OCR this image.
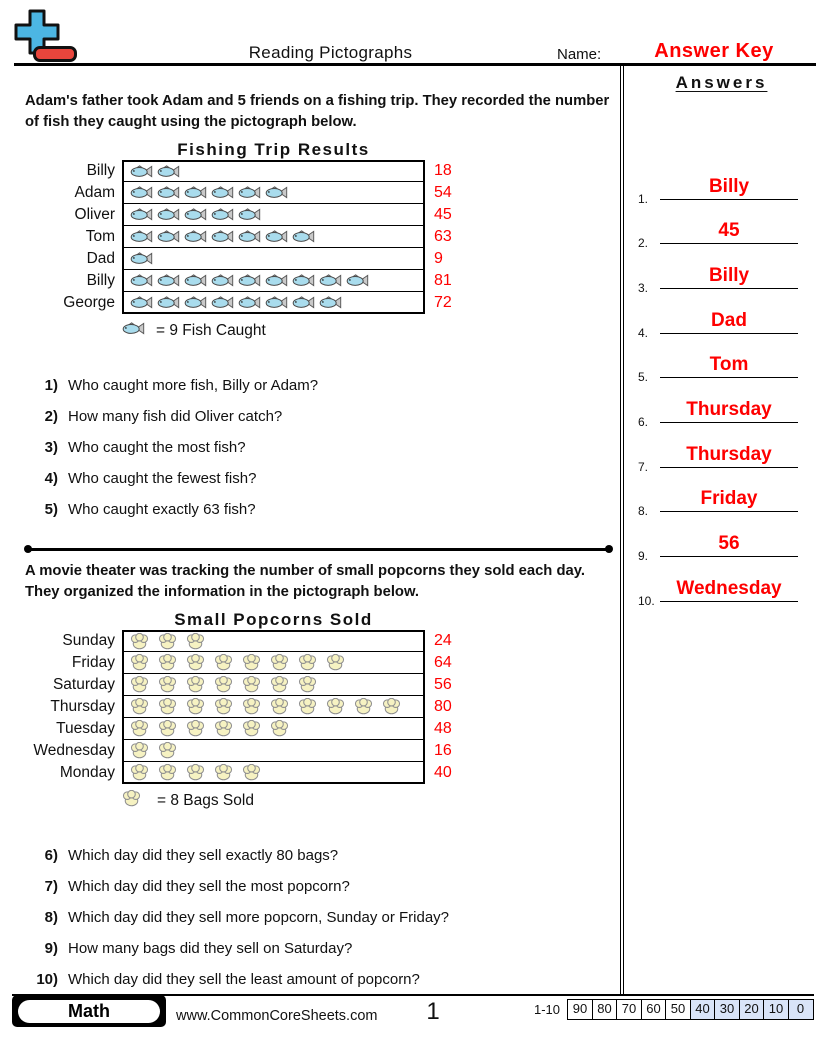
Reading Pictographs	Name:	Answer Key
Answers
1.
Billy
2.
45
3.
Billy
4.
Dad
5.
Tom
6.
Thursday
7.
Thursday
8.
Friday
9.
56
10.
Wednesday

Adam's father took Adam and 5 friends on a fishing trip. They recorded the number of fish they caught using the pictograph below.

Fishing Trip Results
Billy	18
Adam	54
Oliver	45
Tom	63
Dad	9
Billy	81
George	72
= 9 Fish Caught
1) Who caught more fish, Billy or Adam?
2) How many fish did Oliver catch?
3) Who caught the most fish?
4) Who caught the fewest fish?
5) Who caught exactly 63 fish?

A movie theater was tracking the number of small popcorns they sold each day. They organized the information in the pictograph below.

Small Popcorns Sold
Sunday	24
Friday	64
Saturday	56
Thursday	80
Tuesday	48
Wednesday	16
Monday	40
= 8 Bags Sold
6) Which day did they sell exactly 80 bags?
7) Which day did they sell the most popcorn?
8) Which day did they sell more popcorn, Sunday or Friday?
9) How many bags did they sell on Saturday?
10) Which day did they sell the least amount of popcorn?
Math	www.CommonCoreSheets.com	1	1-10 90 80 70 60 50 40 30 20 10	0
